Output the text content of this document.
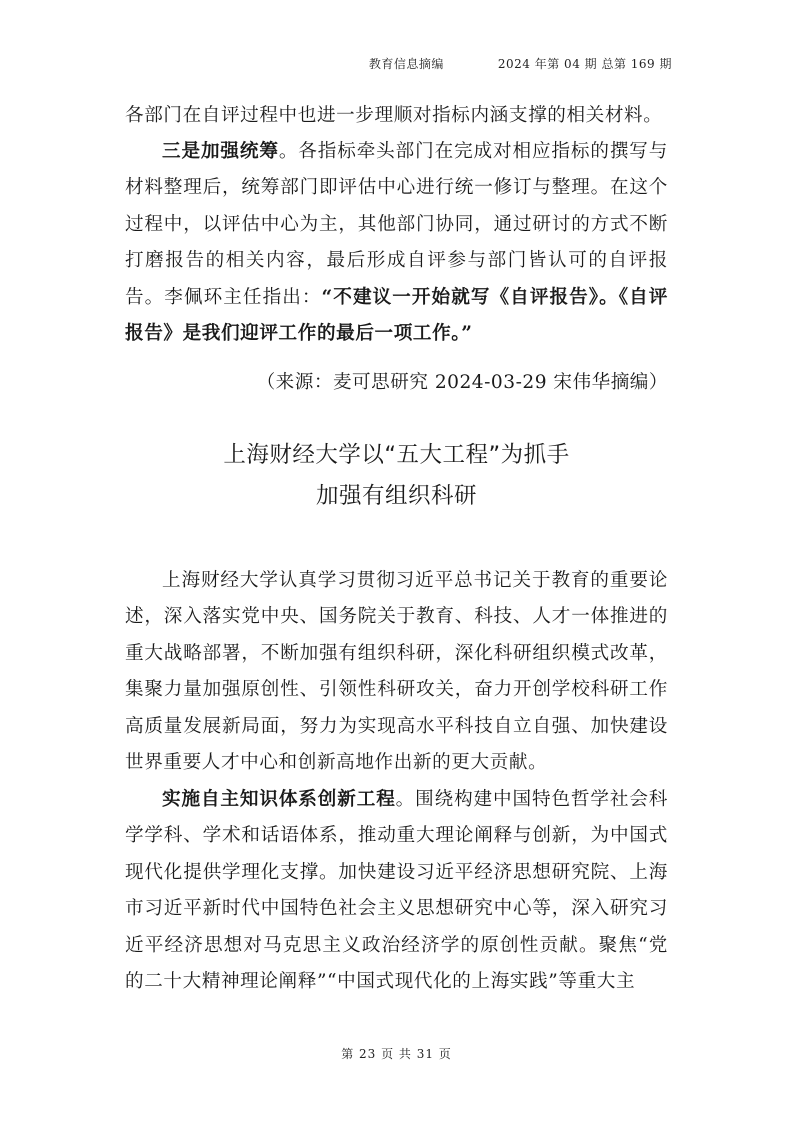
教育信息摘编	2024 年第 04 期 总第 169 期

各部门在自评过程中也进一步理顺对指标内涵支撑的相关材料。

三是加强统筹。各指标牵头部门在完成对相应指标的撰写与材料整理后，统筹部门即评估中心进行统一修订与整理。在这个过程中，以评估中心为主，其他部门协同，通过研讨的方式不断打磨报告的相关内容，最后形成自评参与部门皆认可的自评报告。李佩环主任指出：“不建议一开始就写《自评报告》。《自评报告》是我们迎评工作的最后一项工作。”

（来源：麦可思研究 2024-03-29 宋伟华摘编）
上海财经大学以“五大工程”为抓手
加强有组织科研

上海财经大学认真学习贯彻习近平总书记关于教育的重要论述，深入落实党中央、国务院关于教育、科技、人才一体推进的重大战略部署，不断加强有组织科研，深化科研组织模式改革，集聚力量加强原创性、引领性科研攻关，奋力开创学校科研工作高质量发展新局面，努力为实现高水平科技自立自强、加快建设世界重要人才中心和创新高地作出新的更大贡献。

实施自主知识体系创新工程。围绕构建中国特色哲学社会科学学科、学术和话语体系，推动重大理论阐释与创新，为中国式现代化提供学理化支撑。加快建设习近平经济思想研究院、上海市习近平新时代中国特色社会主义思想研究中心等，深入研究习近平经济思想对马克思主义政治经济学的原创性贡献。聚焦“党的二十大精神理论阐释”“中国式现代化的上海实践”等重大主

第 23 页 共 31 页
